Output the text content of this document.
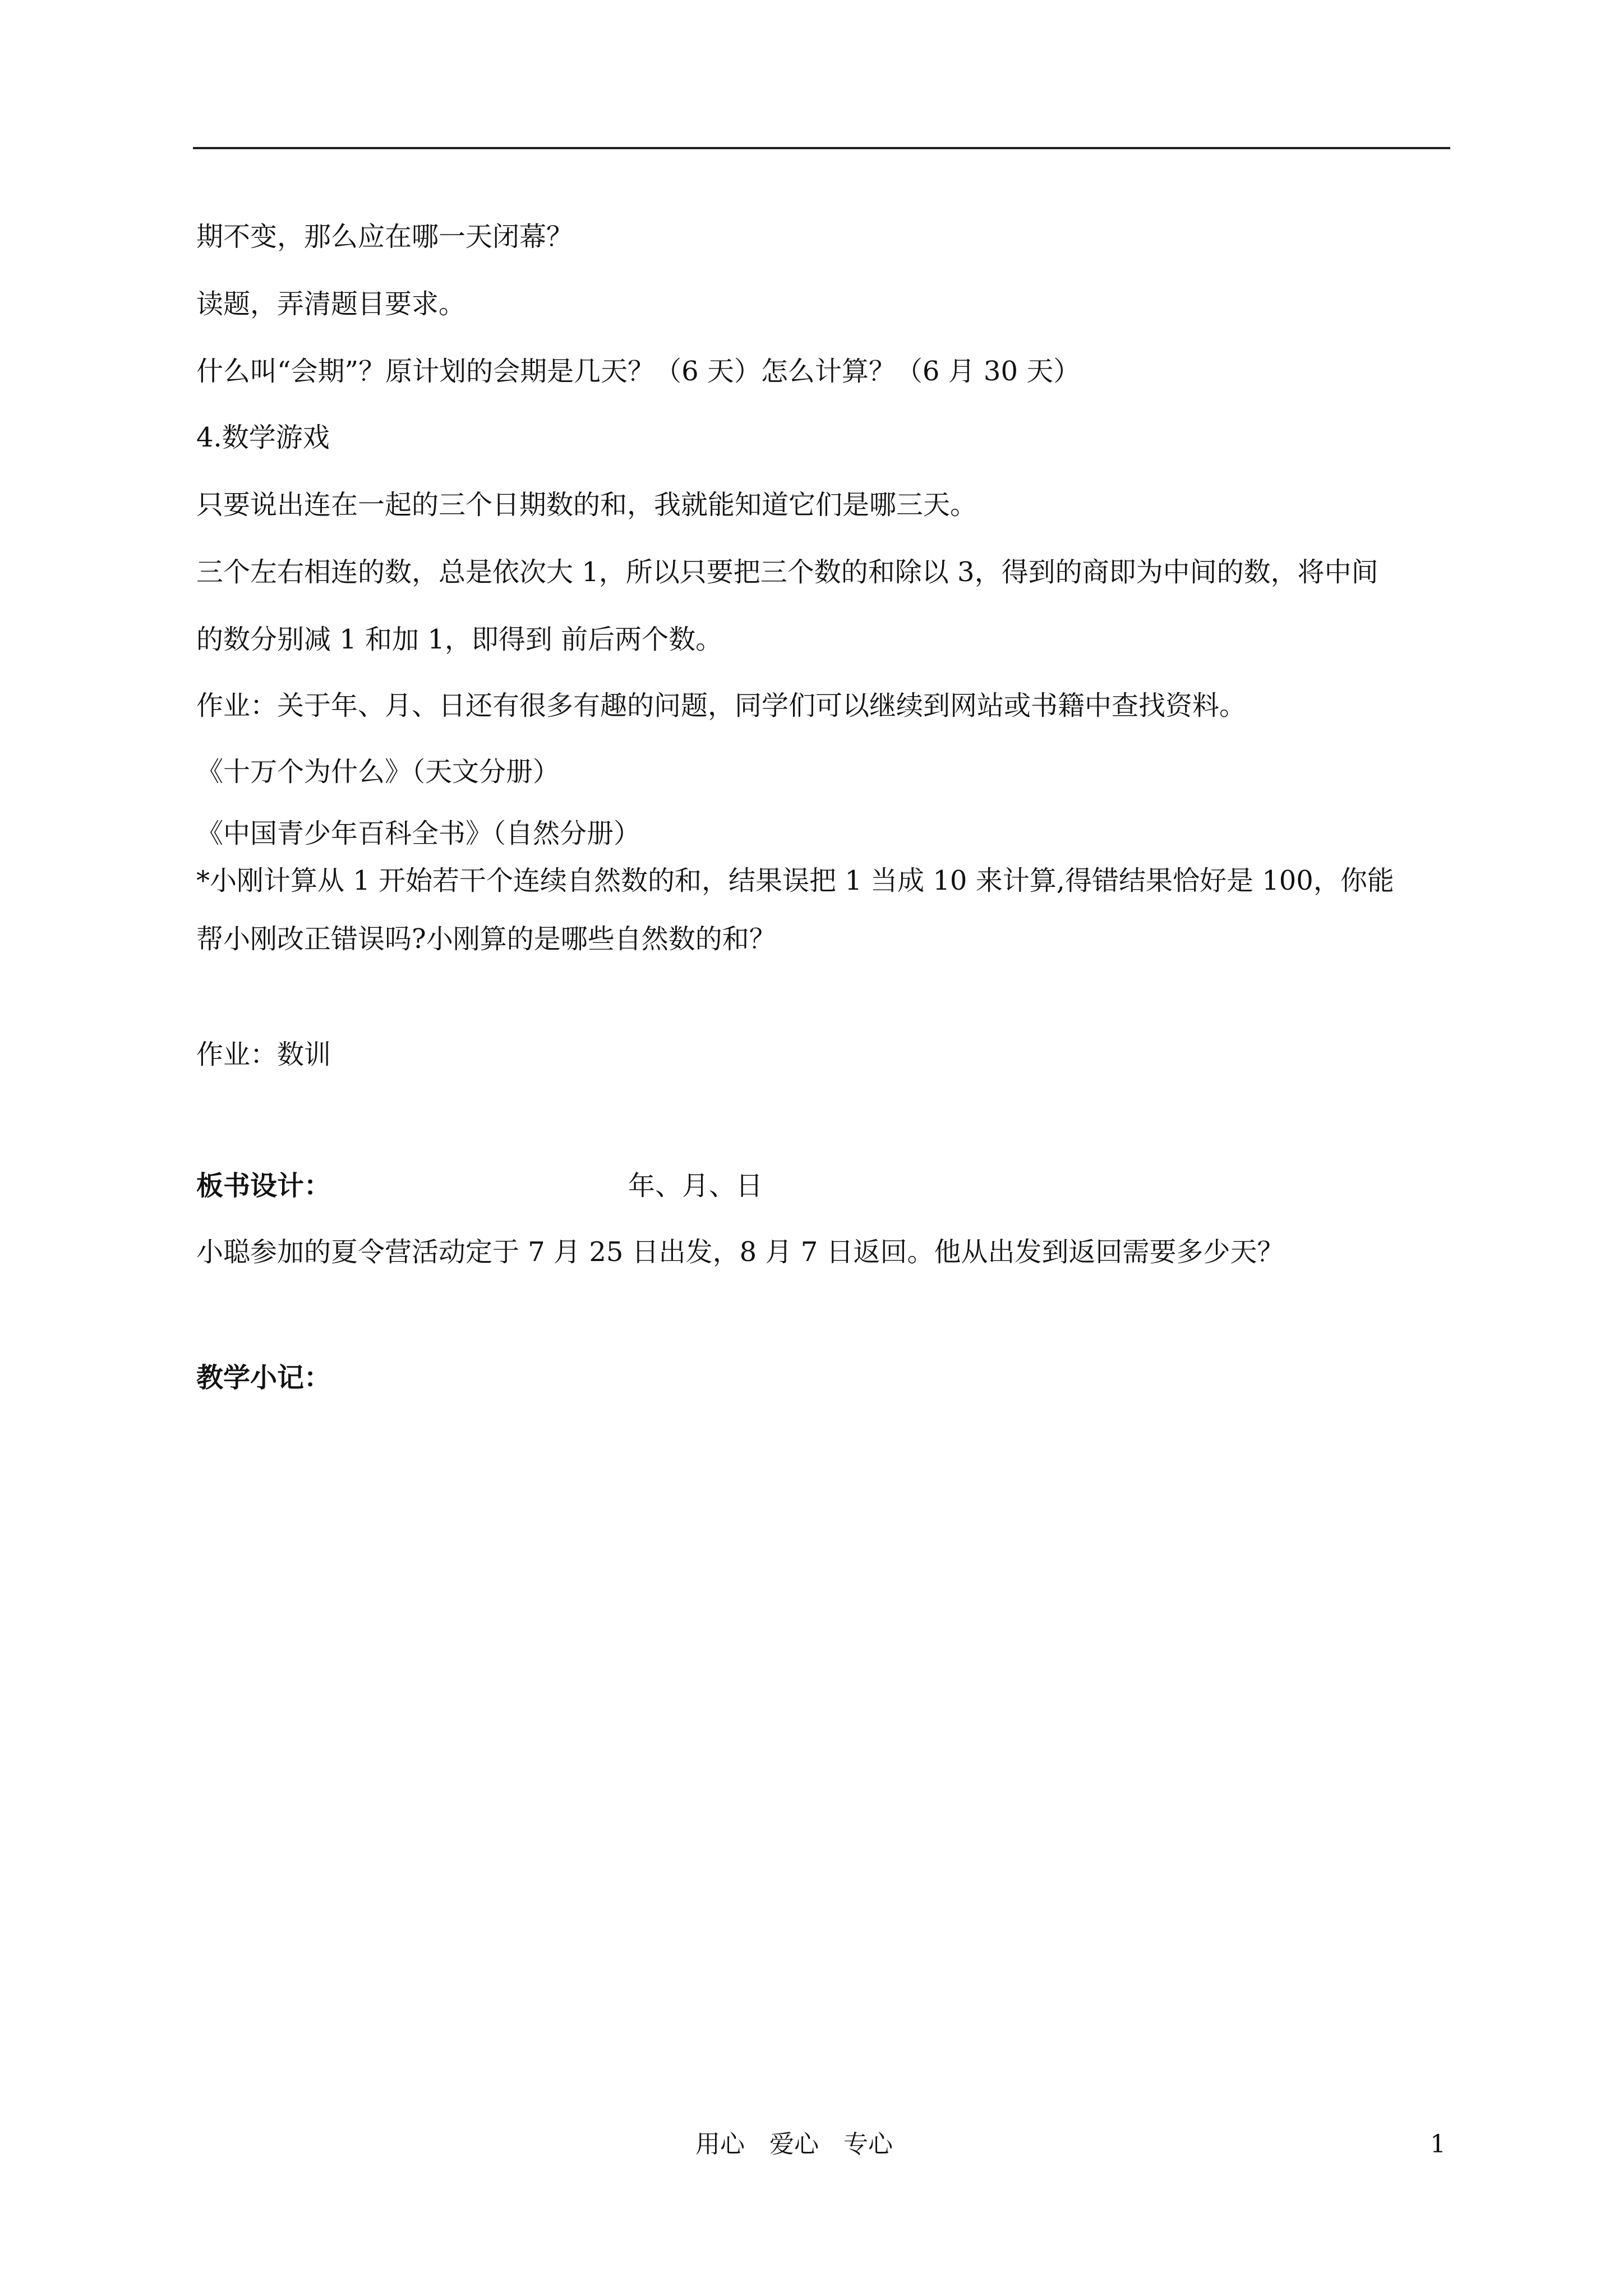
期不变，那么应在哪一天闭幕？
读题，弄清题目要求。
什么叫“会期”？原计划的会期是几天？（6 天）怎么计算？（6 月 30 天）
4.数学游戏
只要说出连在一起的三个日期数的和，我就能知道它们是哪三天。
三个左右相连的数，总是依次大 1，所以只要把三个数的和除以 3，得到的商即为中间的数，将中间
的数分别减 1 和加 1，即得到 前后两个数。
作业：关于年、月、日还有很多有趣的问题，同学们可以继续到网站或书籍中查找资料。
《十万个为什么》（天文分册）
《中国青少年百科全书》（自然分册）
*小刚计算从 1 开始若干个连续自然数的和，结果误把 1 当成 10 来计算,得错结果恰好是 100，你能
帮小刚改正错误吗?小刚算的是哪些自然数的和？
作业：数训
板书设计：	年、月、日
小聪参加的夏令营活动定于 7 月 25 日出发，8 月 7 日返回。他从出发到返回需要多少天？
教学小记：
用心　爱心　专心	1
